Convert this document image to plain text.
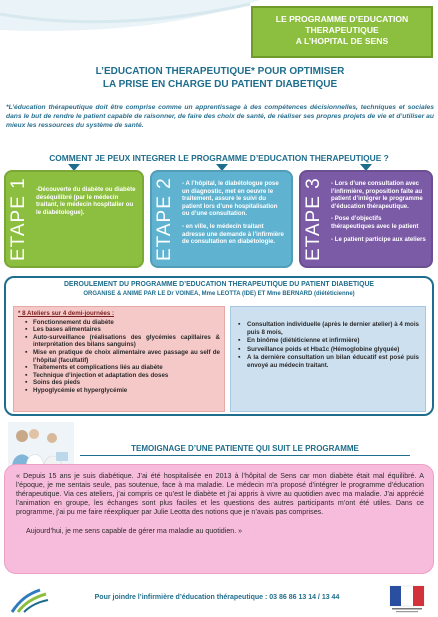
LE PROGRAMME D’EDUCATION
THERAPEUTIQUE
A L’HOPITAL DE SENS
L’EDUCATION THERAPEUTIQUE* POUR OPTIMISER
LA PRISE EN CHARGE DU PATIENT DIABETIQUE
*L’éducation thérapeutique doit être comprise comme un apprentissage à des compétences décisionnelles, techniques et sociales dans le but de rendre le patient capable de raisonner, de faire des choix de santé, de réaliser ses propres projets de vie et d’utiliser au mieux les ressources du système de santé.
COMMENT JE PEUX INTEGRER LE PROGRAMME D’EDUCATION THERAPEUTIQUE ?
ETAPE 1 -Découverte du diabète ou diabète déséquilibré (par le médecin traitant, le médecin hospitalier ou le diabétologue).	ETAPE 2 - A l’hôpital, le diabétologue pose un diagnostic, met en oeuvre le traitement, assure le suivi du patient lors d’une hospitalisation ou d’une consultation.

- en ville, le médecin traitant adresse une demande à l’infirmière de consultation en diabétologie.	ETAPE 3 - Lors d’une consultation avec l’infirmière, proposition faite au patient d’intégrer le programme d’éducation thérapeutique.

- Pose d’objectifs thérapeutiques avec le patient

- Le patient participe aux ateliers

DEROULEMENT DU PROGRAMME D’EDUCATION THERAPEUTIQUE DU PATIENT DIABETIQUE
ORGANISE & ANIME PAR LE Dr VOINEA, Mme LEOTTA (IDE) ET Mme BERNARD (diététicienne)
* 8 Ateliers sur 4 demi-journées :
▪ Fonctionnement du diabète
▪ Les bases alimentaires
▪ Auto-surveillance (réalisations des glycémies capillaires & interprétation des bilans sanguins)
▪ Mise en pratique de choix alimentaire avec passage au self de l’hôpital (facultatif)
▪ Traitements et complications liés au diabète
▪ Technique d’injection et adaptation des doses
▪ Soins des pieds
▪ Hypoglycémie et hyperglycémie
▪ Consultation individuelle (après le dernier atelier) à 4 mois puis 8 mois,
▪ En binôme (diététicienne et infirmière)
▪ Surveillance poids et Hba1c (Hémoglobine glyquée)
▪ A la dernière consultation un bilan éducatif est posé puis envoyé au médecin traitant.
TEMOIGNAGE D’UNE PATIENTE QUI SUIT LE PROGRAMME

« Depuis 15 ans je suis diabétique. J’ai été hospitalisée en 2013 à l’hôpital de Sens car mon diabète était mal équilibré. A l’époque, je me sentais seule, pas soutenue, face à ma maladie. Le médecin m’a proposé d’intégrer le programme d’éducation thérapeutique. Via ces ateliers, j’ai compris ce qu’est le diabète et j’ai appris à vivre au quotidien avec ma maladie. J’ai apprécié l’animation en groupe, les échanges sont plus faciles et les questions des autres participants m’ont été utiles. Dans ce programme, j’ai pu me faire réexpliquer par Julie Leotta des notions que je n’avais pas comprises.

Aujourd’hui, je me sens capable de gérer ma maladie au quotidien. »

Pour joindre l’infirmière d’éducation thérapeutique : 03 86 86 13 14 / 13 44
